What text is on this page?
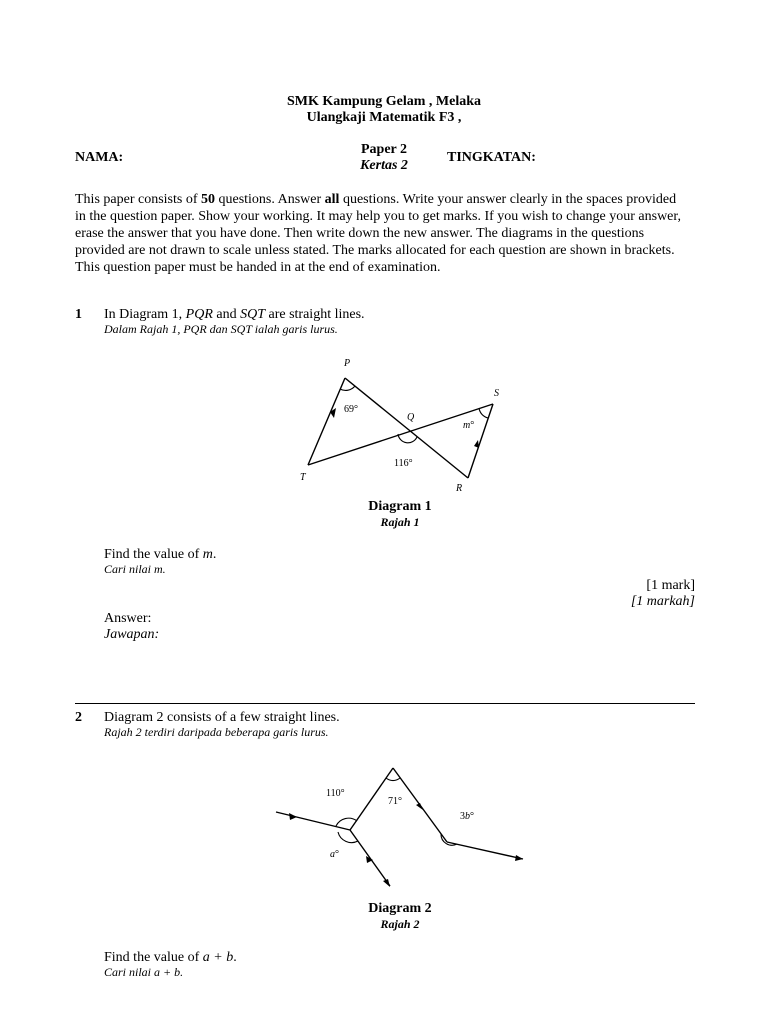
SMK Kampung Gelam , Melaka
Ulangkaji Matematik F3 ,
NAMA:
Paper 2
Kertas 2
TINGKATAN:
This paper consists of 50 questions. Answer all questions. Write your answer clearly in the spaces provided
in the question paper. Show your working. It may help you to get marks. If you wish to change your answer,
erase the answer that you have done. Then write down the new answer. The diagrams in the questions
provided are not drawn to scale unless stated. The marks allocated for each question are shown in brackets.
This question paper must be handed in at the end of examination.
1 In Diagram 1, PQR and SQT are straight lines.
Dalam Rajah 1, PQR dan SQT ialah garis lurus.
P
Q
S
T
R
69°
116°
m°
Diagram 1
Rajah 1
Find the value of m.
Cari nilai m.
[1 mark]
[1 markah]
Answer:
Jawapan:
2 Diagram 2 consists of a few straight lines.
Rajah 2 terdiri daripada beberapa garis lurus.
110°
71°
3b°
a°
Diagram 2
Rajah 2
Find the value of a + b.
Cari nilai a + b.
